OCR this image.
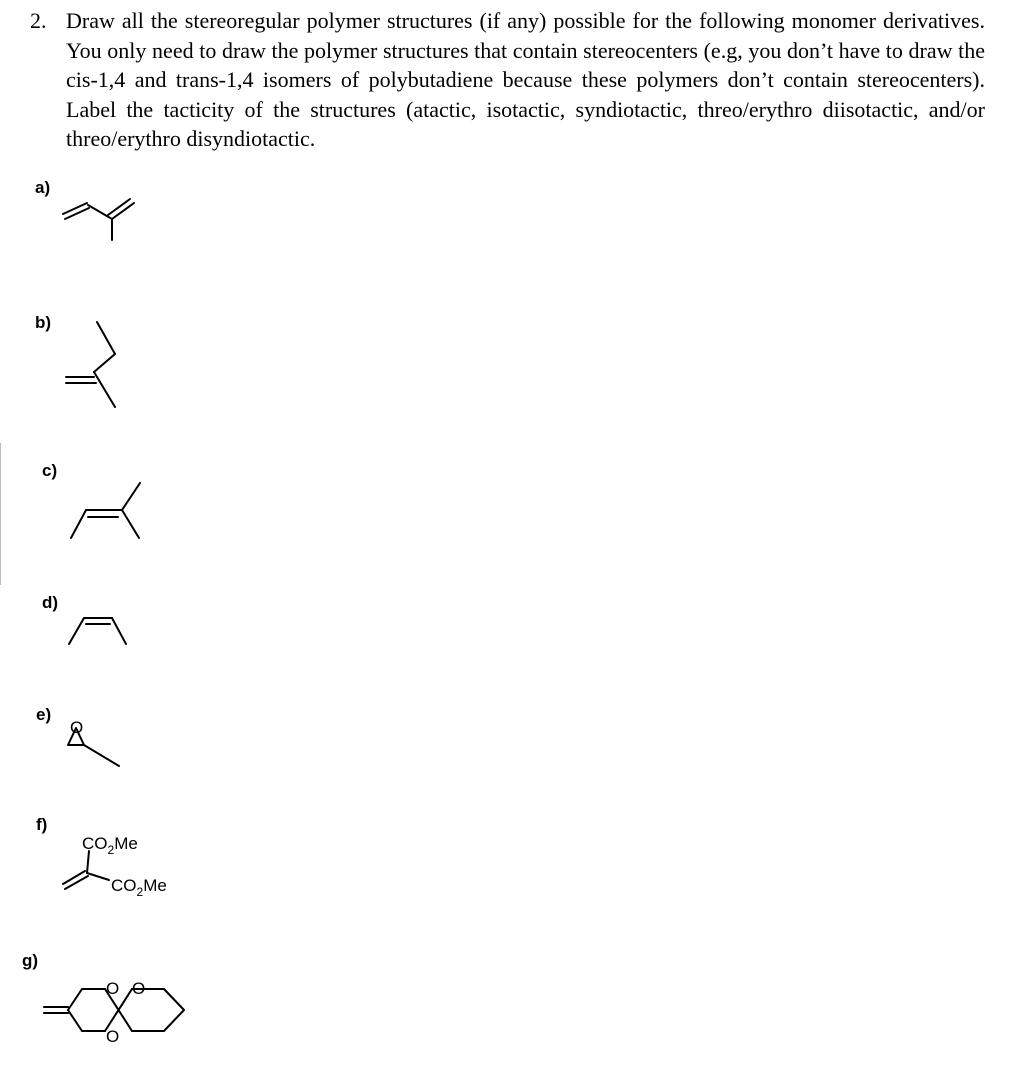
2. Draw all the stereoregular polymer structures (if any) possible for the following monomer derivatives. You only need to draw the polymer structures that contain stereocenters (e.g, you don’t have to draw the cis-1,4 and trans-1,4 isomers of polybutadiene because these polymers don’t contain stereocenters). Label the tacticity of the structures (atactic, isotactic, syndiotactic, threo/erythro diisotactic, and/or threo/erythro disyndiotactic.
a)
b)
c)
d)
e)
f)
g)
O
$CO_2Me$
$CO_2Me$
O O
O
